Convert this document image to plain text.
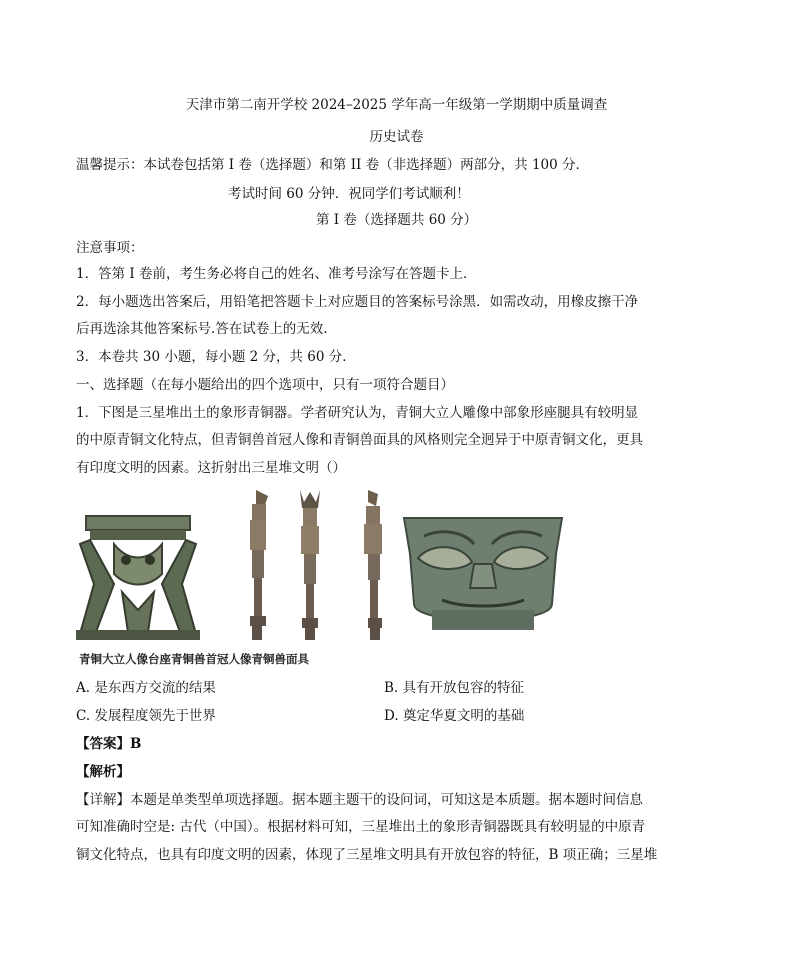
天津市第二南开学校 2024–2025 学年高一年级第一学期期中质量调查
历史试卷
温馨提示：本试卷包括第 I 卷（选择题）和第 II 卷（非选择题）两部分，共 100 分．
考试时间 60 分钟．祝同学们考试顺利！
第 I 卷（选择题共 60 分）
注意事项：
1．答第 I 卷前，考生务必将自己的姓名、准考号涂写在答题卡上．
2．每小题选出答案后，用铅笔把答题卡上对应题目的答案标号涂黑．如需改动，用橡皮擦干净
后再选涂其他答案标号.答在试卷上的无效.
3．本卷共 30 小题，每小题 2 分，共 60 分．
一、选择题（在每小题给出的四个选项中，只有一项符合题目）
1．下图是三星堆出土的象形青铜器。学者研究认为，青铜大立人雕像中部象形座腿具有较明显
的中原青铜文化特点，但青铜兽首冠人像和青铜兽面具的风格则完全迥异于中原青铜文化，更具
有印度文明的因素。这折射出三星堆文明（）
青铜大立人像台座青铜兽首冠人像青铜兽面具
A. 是东西方交流的结果	B. 具有开放包容的特征
C. 发展程度领先于世界	D. 奠定华夏文明的基础
【答案】B
【解析】
【详解】本题是单类型单项选择题。据本题主题干的设问词，可知这是本质题。据本题时间信息
可知准确时空是: 古代（中国）。根据材料可知，三星堆出土的象形青铜器既具有较明显的中原青
铜文化特点，也具有印度文明的因素，体现了三星堆文明具有开放包容的特征，B 项正确；三星堆
